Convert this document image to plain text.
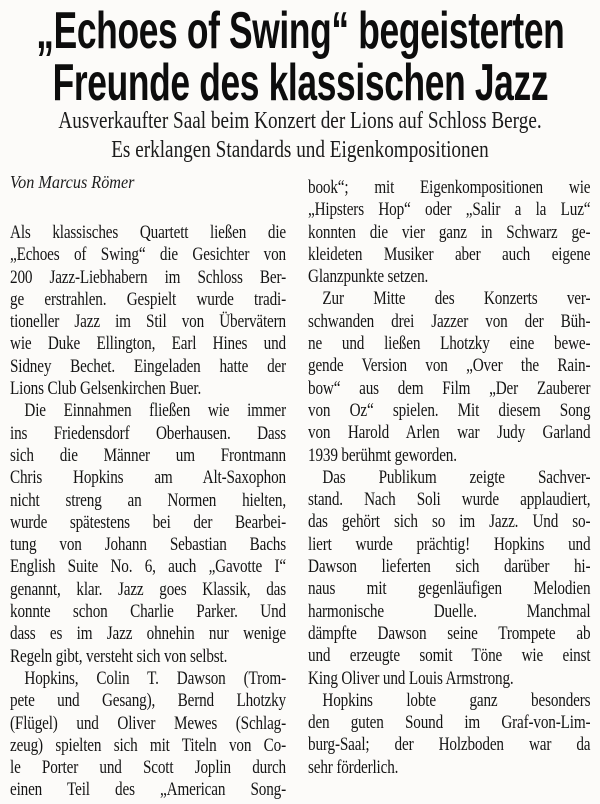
„Echoes of Swing“ begeisterten
Freunde des klassischen Jazz
Ausverkaufter Saal beim Konzert der Lions auf Schloss Berge.
Es erklangen Standards und Eigenkompositionen
Von Marcus Römer
Als klassisches Quartett ließen die
„Echoes of Swing“ die Gesichter von
200 Jazz-Liebhabern im Schloss Ber-
ge erstrahlen. Gespielt wurde tradi-
tioneller Jazz im Stil von Übervätern
wie Duke Ellington, Earl Hines und
Sidney Bechet. Eingeladen hatte der
Lions Club Gelsenkirchen Buer.
Die Einnahmen fließen wie immer
ins Friedensdorf Oberhausen. Dass
sich die Männer um Frontmann
Chris Hopkins am Alt-Saxophon
nicht streng an Normen hielten,
wurde spätestens bei der Bearbei-
tung von Johann Sebastian Bachs
English Suite No. 6, auch „Gavotte I“
genannt, klar. Jazz goes Klassik, das
konnte schon Charlie Parker. Und
dass es im Jazz ohnehin nur wenige
Regeln gibt, versteht sich von selbst.
Hopkins, Colin T. Dawson (Trom-
pete und Gesang), Bernd Lhotzky
(Flügel) und Oliver Mewes (Schlag-
zeug) spielten sich mit Titeln von Co-
le Porter und Scott Joplin durch
einen Teil des „American Song-
book“; mit Eigenkompositionen wie
„Hipsters Hop“ oder „Salir a la Luz“
konnten die vier ganz in Schwarz ge-
kleideten Musiker aber auch eigene
Glanzpunkte setzen.
Zur Mitte des Konzerts ver-
schwanden drei Jazzer von der Büh-
ne und ließen Lhotzky eine bewe-
gende Version von „Over the Rain-
bow“ aus dem Film „Der Zauberer
von Oz“ spielen. Mit diesem Song
von Harold Arlen war Judy Garland
1939 berühmt geworden.
Das Publikum zeigte Sachver-
stand. Nach Soli wurde applaudiert,
das gehört sich so im Jazz. Und so-
liert wurde prächtig! Hopkins und
Dawson lieferten sich darüber hi-
naus mit gegenläufigen Melodien
harmonische Duelle. Manchmal
dämpfte Dawson seine Trompete ab
und erzeugte somit Töne wie einst
King Oliver und Louis Armstrong.
Hopkins lobte ganz besonders
den guten Sound im Graf-von-Lim-
burg-Saal; der Holzboden war da
sehr förderlich.
